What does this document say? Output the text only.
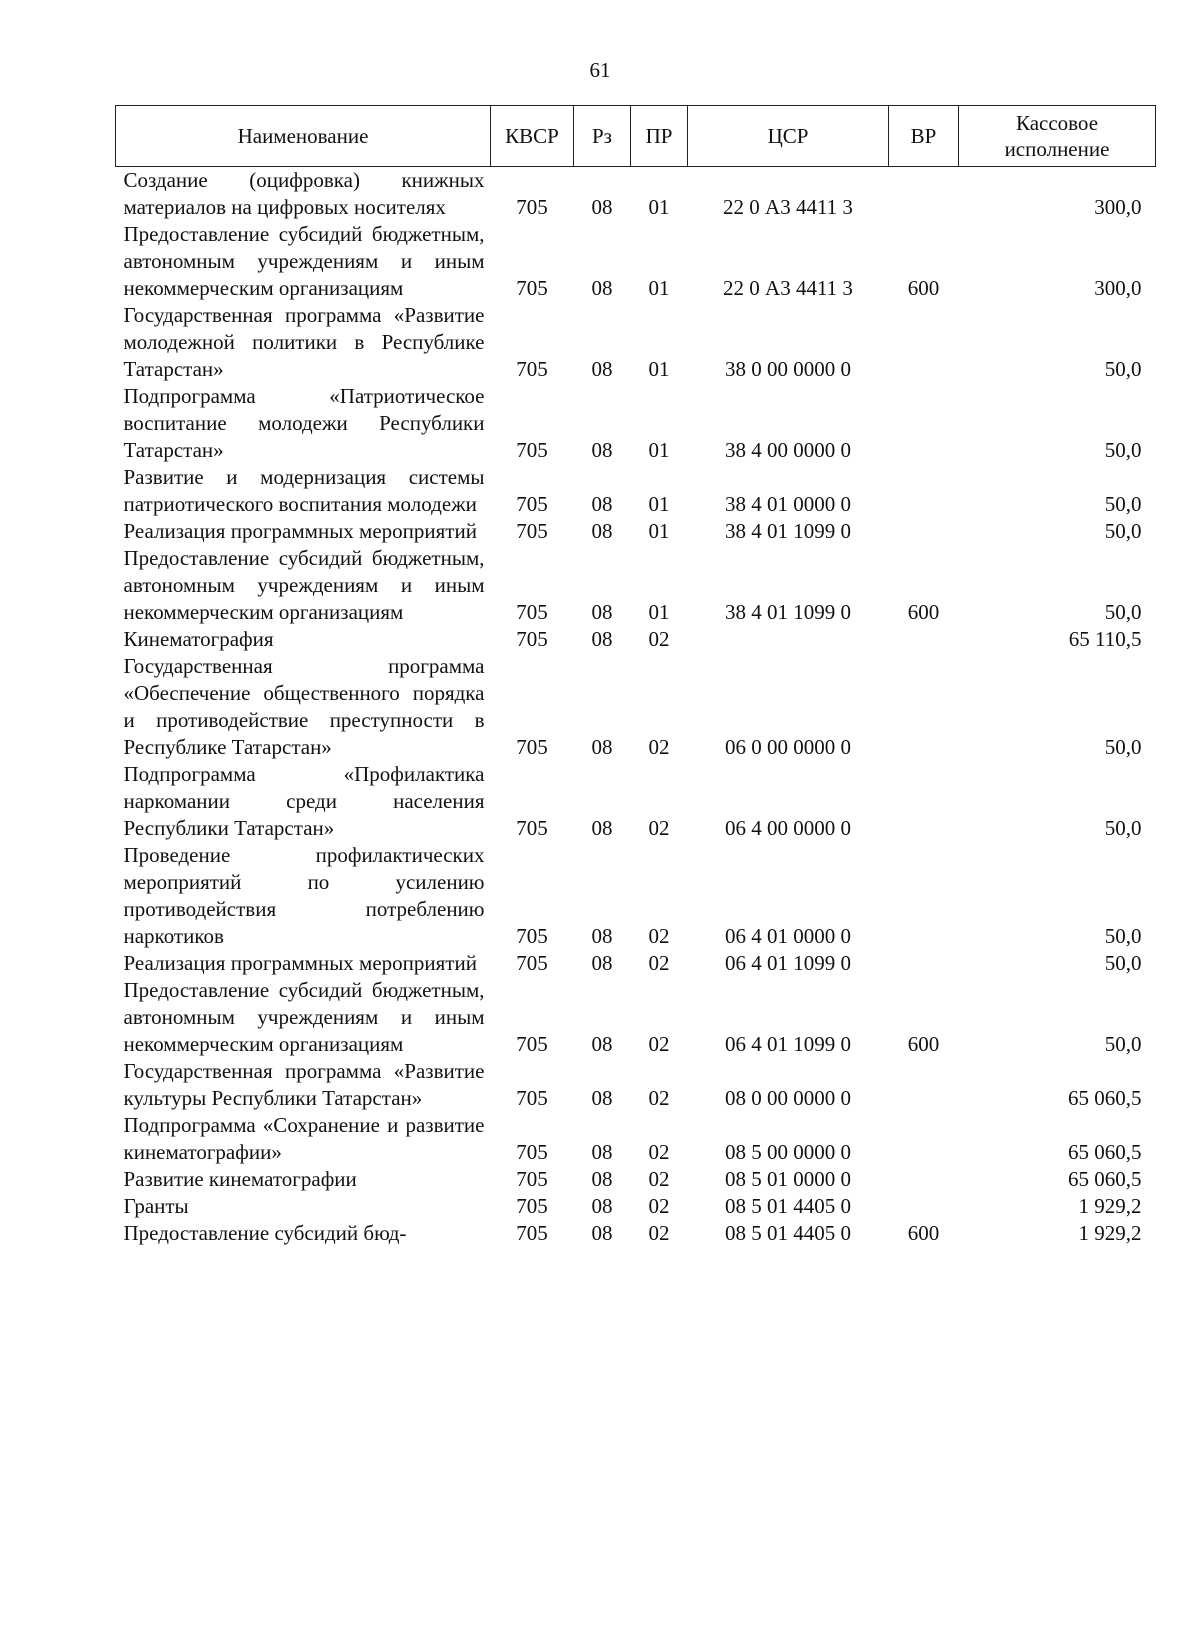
61
Наименование	КВСР	Рз	ПР	ЦСР	ВР	Кассовое исполнение
Создание (оцифровка) книжных материалов на цифровых носителях	705	08	01	22 0 А3 4411 3		300,0
Предоставление субсидий бюджетным, автономным учреждениям и иным некоммерческим организациям	705	08	01	22 0 А3 4411 3	600	300,0
Государственная программа «Развитие молодежной политики в Республике Татарстан»	705	08	01	38 0 00 0000 0		50,0
Подпрограмма «Патриотическое воспитание молодежи Республики Татарстан»	705	08	01	38 4 00 0000 0		50,0
Развитие и модернизация системы патриотического воспитания молодежи	705	08	01	38 4 01 0000 0		50,0
Реализация программных мероприятий	705	08	01	38 4 01 1099 0		50,0
Предоставление субсидий бюджетным, автономным учреждениям и иным некоммерческим организациям	705	08	01	38 4 01 1099 0	600	50,0
Кинематография	705	08	02			65 110,5
Государственная программа «Обеспечение общественного порядка и противодействие преступности в Республике Татарстан»	705	08	02	06 0 00 0000 0		50,0
Подпрограмма «Профилактика наркомании среди населения Республики Татарстан»	705	08	02	06 4 00 0000 0		50,0
Проведение профилактических мероприятий по усилению противодействия потреблению наркотиков	705	08	02	06 4 01 0000 0		50,0
Реализация программных мероприятий	705	08	02	06 4 01 1099 0		50,0
Предоставление субсидий бюджетным, автономным учреждениям и иным некоммерческим организациям	705	08	02	06 4 01 1099 0	600	50,0
Государственная программа «Развитие культуры Республики Татарстан»	705	08	02	08 0 00 0000 0		65 060,5
Подпрограмма «Сохранение и развитие кинематографии»	705	08	02	08 5 00 0000 0		65 060,5
Развитие кинематографии	705	08	02	08 5 01 0000 0		65 060,5
Гранты	705	08	02	08 5 01 4405 0		1 929,2
Предоставление субсидий бюд-	705	08	02	08 5 01 4405 0	600	1 929,2
